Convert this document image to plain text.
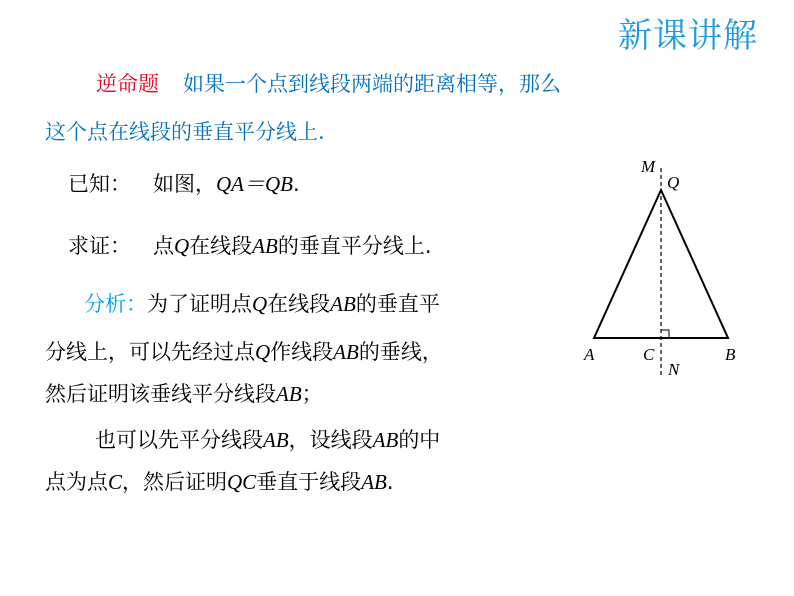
新课讲解
逆命题 如果一个点到线段两端的距离相等，那么
这个点在线段的垂直平分线上.
已知： 如图，QA＝QB.
求证： 点Q在线段AB的垂直平分线上.
分析：为了证明点Q在线段AB的垂直平
分线上，可以先经过点Q作线段AB的垂线，
然后证明该垂线平分线段AB；
也可以先平分线段AB，设线段AB的中
点为点C，然后证明QC垂直于线段AB.
M
Q
A	C	B
N
